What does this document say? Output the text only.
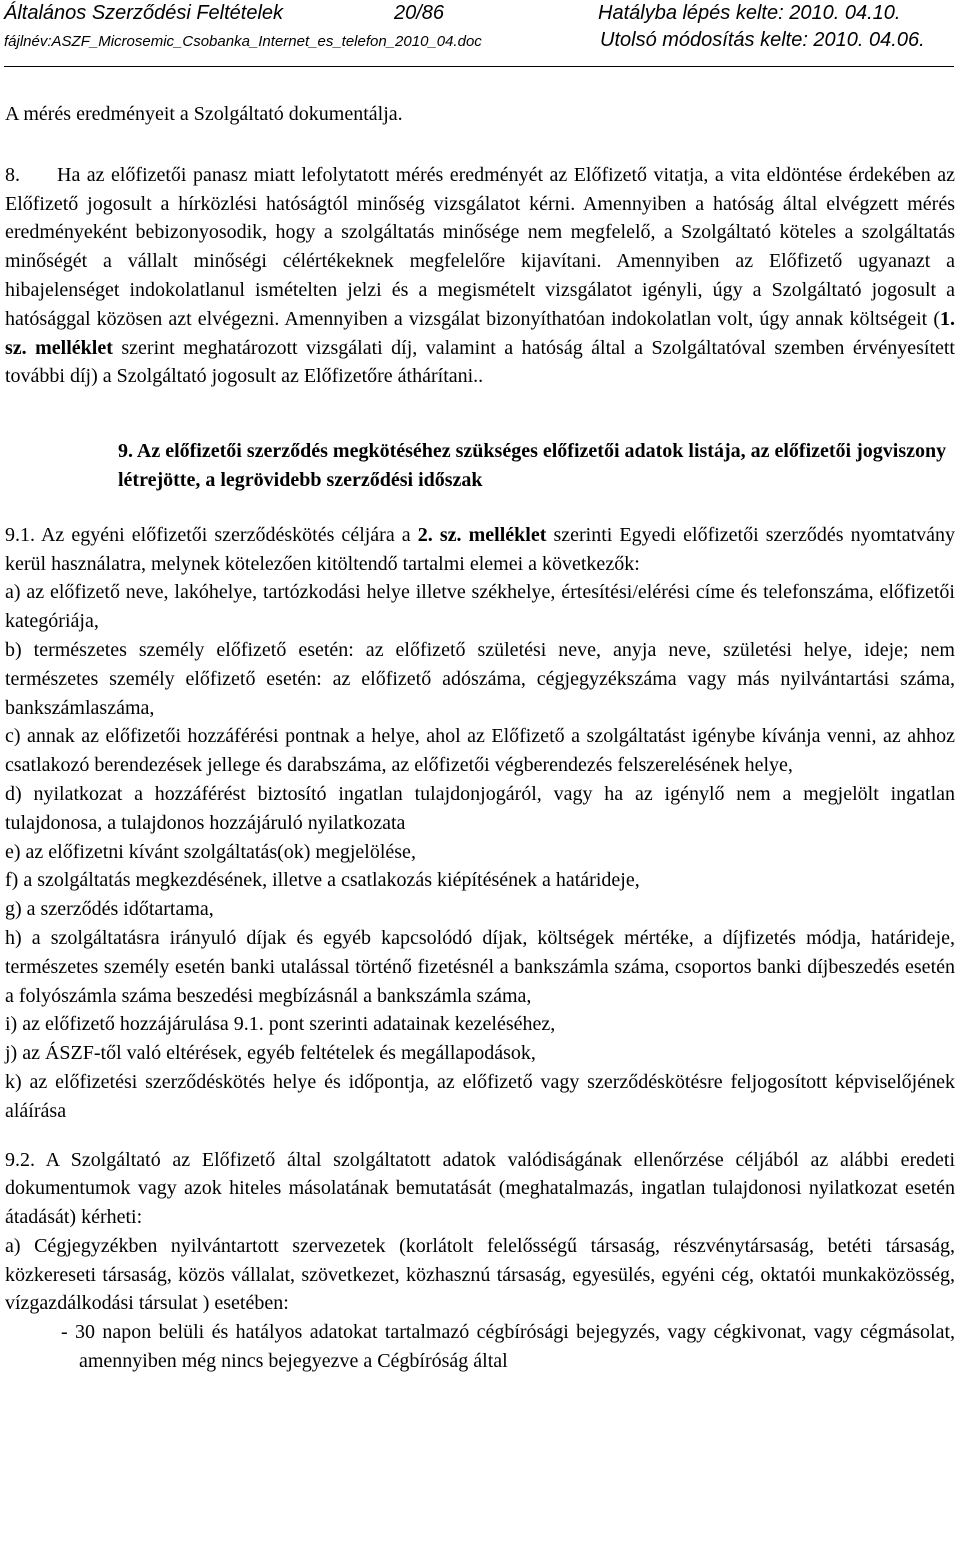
Általános Szerződési Feltételek	20/86	Hatályba lépés kelte: 2010. 04.10.
fájlnév:ASZF_Microsemic_Csobanka_Internet_es_telefon_2010_04.doc	Utolsó módosítás kelte: 2010. 04.06.

A mérés eredményeit a Szolgáltató dokumentálja.

8. Ha az előfizetői panasz miatt lefolytatott mérés eredményét az Előfizető vitatja, a vita eldöntése érdekében az Előfizető jogosult a hírközlési hatóságtól minőség vizsgálatot kérni. Amennyiben a hatóság által elvégzett mérés eredményeként bebizonyosodik, hogy a szolgáltatás minősége nem megfelelő, a Szolgáltató köteles a szolgáltatás minőségét a vállalt minőségi célértékeknek megfelelőre kijavítani. Amennyiben az Előfizető ugyanazt a hibajelenséget indokolatlanul ismételten jelzi és a megismételt vizsgálatot igényli, úgy a Szolgáltató jogosult a hatósággal közösen azt elvégezni. Amennyiben a vizsgálat bizonyíthatóan indokolatlan volt, úgy annak költségeit (1. sz. melléklet szerint meghatározott vizsgálati díj, valamint a hatóság által a Szolgáltatóval szemben érvényesített további díj) a Szolgáltató jogosult az Előfizetőre áthárítani..

9. Az előfizetői szerződés megkötéséhez szükséges előfizetői adatok listája, az előfizetői jogviszony létrejötte, a legrövidebb szerződési időszak

9.1. Az egyéni előfizetői szerződéskötés céljára a 2. sz. melléklet szerinti Egyedi előfizetői szerződés nyomtatvány kerül használatra, melynek kötelezően kitöltendő tartalmi elemei a következők:

a) az előfizető neve, lakóhelye, tartózkodási helye illetve székhelye, értesítési/elérési címe és telefonszáma, előfizetői kategóriája,

b) természetes személy előfizető esetén: az előfizető születési neve, anyja neve, születési helye, ideje; nem természetes személy előfizető esetén: az előfizető adószáma, cégjegyzékszáma vagy más nyilvántartási száma, bankszámlaszáma,

c) annak az előfizetői hozzáférési pontnak a helye, ahol az Előfizető a szolgáltatást igénybe kívánja venni, az ahhoz csatlakozó berendezések jellege és darabszáma, az előfizetői végberendezés felszerelésének helye,

d) nyilatkozat a hozzáférést biztosító ingatlan tulajdonjogáról, vagy ha az igénylő nem a megjelölt ingatlan tulajdonosa, a tulajdonos hozzájáruló nyilatkozata

e) az előfizetni kívánt szolgáltatás(ok) megjelölése,

f) a szolgáltatás megkezdésének, illetve a csatlakozás kiépítésének a határideje,

g) a szerződés időtartama,

h) a szolgáltatásra irányuló díjak és egyéb kapcsolódó díjak, költségek mértéke, a díjfizetés módja, határideje, természetes személy esetén banki utalással történő fizetésnél a bankszámla száma, csoportos banki díjbeszedés esetén a folyószámla száma beszedési megbízásnál a bankszámla száma,

i) az előfizető hozzájárulása 9.1. pont szerinti adatainak kezeléséhez,

j) az ÁSZF-től való eltérések, egyéb feltételek és megállapodások,

k) az előfizetési szerződéskötés helye és időpontja, az előfizető vagy szerződéskötésre feljogosított képviselőjének aláírása

9.2. A Szolgáltató az Előfizető által szolgáltatott adatok valódiságának ellenőrzése céljából az alábbi eredeti dokumentumok vagy azok hiteles másolatának bemutatását (meghatalmazás, ingatlan tulajdonosi nyilatkozat esetén átadását) kérheti:

a) Cégjegyzékben nyilvántartott szervezetek (korlátolt felelősségű társaság, részvénytársaság, betéti társaság, közkereseti társaság, közös vállalat, szövetkezet, közhasznú társaság, egyesülés, egyéni cég, oktatói munkaközösség, vízgazdálkodási társulat ) esetében:

- 30 napon belüli és hatályos adatokat tartalmazó cégbírósági bejegyzés, vagy cégkivonat, vagy cégmásolat, amennyiben még nincs bejegyezve a Cégbíróság által
